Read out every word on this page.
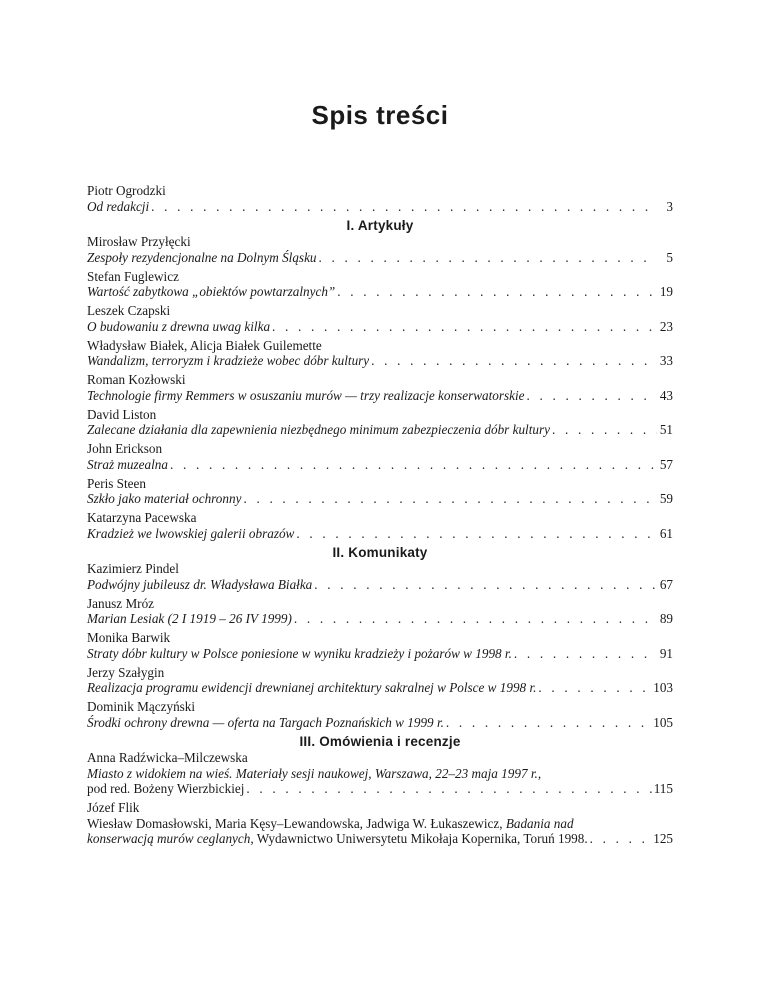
Spis treści
Piotr Ogrodzki
Od redakcji . . .	3
I. Artykuły
Mirosław Przyłęcki
Zespoły rezydencjonalne na Dolnym Śląsku . . .	5
Stefan Fuglewicz
Wartość zabytkowa „obiektów powtarzalnych” . . .	19
Leszek Czapski
O budowaniu z drewna uwag kilka . . .	23
Władysław Białek, Alicja Białek Guilemette
Wandalizm, terroryzm i kradzieże wobec dóbr kultury . . .	33
Roman Kozłowski
Technologie firmy Remmers w osuszaniu murów — trzy realizacje konserwatorskie . . .	43
David Liston
Zalecane działania dla zapewnienia niezbędnego minimum zabezpieczenia dóbr kultury . . .	51
John Erickson
Straż muzealna . . .	57
Peris Steen
Szkło jako materiał ochronny . . .	59
Katarzyna Pacewska
Kradzież we lwowskiej galerii obrazów . . .	61
II. Komunikaty
Kazimierz Pindel
Podwójny jubileusz dr. Władysława Białka . . .	67
Janusz Mróz
Marian Lesiak (2 I 1919 – 26 IV 1999) . . .	89
Monika Barwik
Straty dóbr kultury w Polsce poniesione w wyniku kradzieży i pożarów w 1998 r. . . .	91
Jerzy Szałygin
Realizacja programu ewidencji drewnianej architektury sakralnej w Polsce w 1998 r. . . .	103
Dominik Mączyński
Środki ochrony drewna — oferta na Targach Poznańskich w 1999 r. . . .	105
III. Omówienia i recenzje
Anna Radźwicka–Milczewska
Miasto z widokiem na wieś. Materiały sesji naukowej, Warszawa, 22–23 maja 1997 r.,
pod red. Bożeny Wierzbickiej . . .	115
Józef Flik
Wiesław Domasłowski, Maria Kęsy–Lewandowska, Jadwiga W. Łukaszewicz, Badania nad
konserwacją murów ceglanych , Wydawnictwo Uniwersytetu Mikołaja Kopernika, Toruń 1998. . . .	125
